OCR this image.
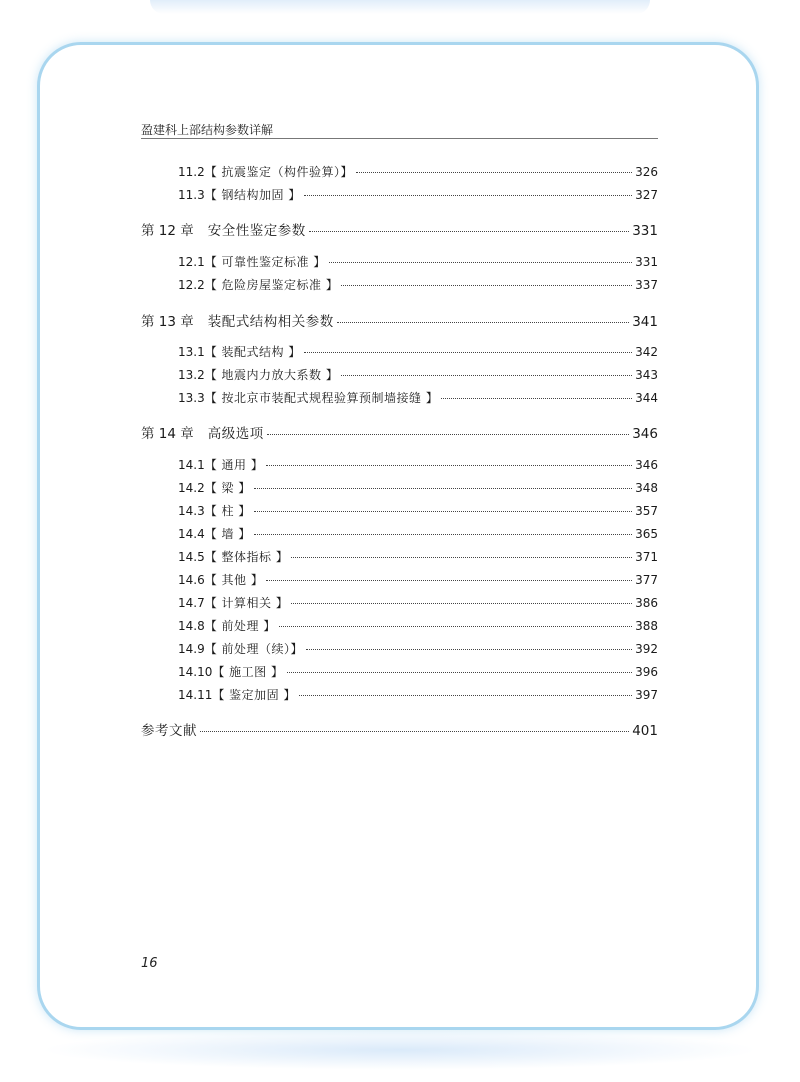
盈建科上部结构参数详解
11.2 【 抗震鉴定（构件验算）】	326
11.3 【 钢结构加固 】	327
第 12 章 安全性鉴定参数	331
12.1 【 可靠性鉴定标准 】	331
12.2 【 危险房屋鉴定标准 】	337
第 13 章 装配式结构相关参数	341
13.1 【 装配式结构 】	342
13.2 【 地震内力放大系数 】	343
13.3 【 按北京市装配式规程验算预制墙接缝 】	344
第 14 章 高级选项	346
14.1 【 通用 】	346
14.2 【 梁 】	348
14.3 【 柱 】	357
14.4 【 墙 】	365
14.5 【 整体指标 】	371
14.6 【 其他 】	377
14.7 【 计算相关 】	386
14.8 【 前处理 】	388
14.9 【 前处理（续）】	392
14.10 【 施工图 】	396
14.11 【 鉴定加固 】	397
参考文献	401
16
